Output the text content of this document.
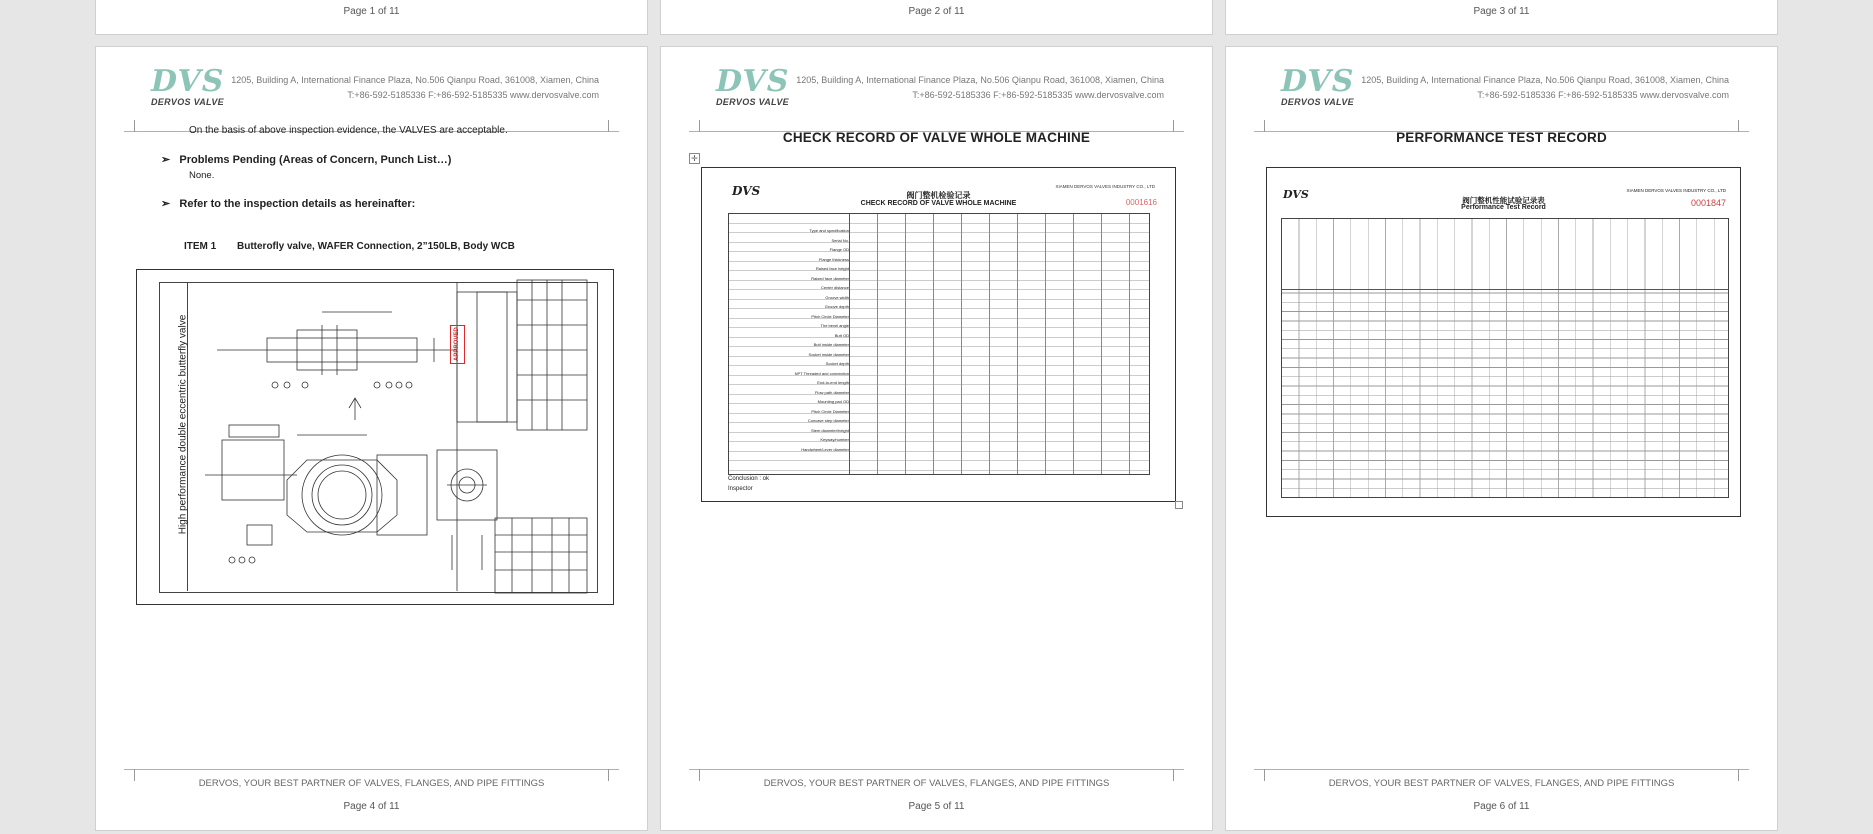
Page 1 of 11	Page 2 of 11	Page 3 of 11
DVS
DERVOS VALVE
1205, Building A, International Finance Plaza, No.506 Qianpu Road, 361008, Xiamen, China
T:+86-592-5185336 F:+86-592-5185335 www.dervosvalve.com
On the basis of above inspection evidence, the VALVES are acceptable.
➢   Problems Pending (Areas of Concern, Punch List…)
None.
➢   Refer to the inspection details as hereinafter:
ITEM 1 Butterofly valve, WAFER Connection, 2”150LB, Body WCB
High performance double eccentric butterfly valve	APPROVED
DERVOS, YOUR BEST PARTNER OF VALVES, FLANGES, AND PIPE FITTINGS
Page 4 of 11
DVS
DERVOS VALVE
1205, Building A, International Finance Plaza, No.506 Qianpu Road, 361008, Xiamen, China
T:+86-592-5185336 F:+86-592-5185335 www.dervosvalve.com
CHECK RECORD OF VALVE WHOLE MACHINE
✛
DVS	阀门整机检验记录
CHECK RECORD OF VALVE WHOLE MACHINE
XIAMEN DERVOS VALVES INDUSTRY CO., LTD
0001616
Type and specification
Serial No.
Flange OD
Flange thickness
Raised face height
Raised face diameter
Center distance
Groove width
Groove depth
Pitch Circle Diameter
The bevel angle
Butt OD
Butt inside diameter
Socket inside diameter
Socket depth
NPT Threaded and connection
End-to-end length
Flow path diameter
Mounting pad OD
Pitch Circle Diameter
Concave step diameter
Stem diameter/height
Keyway/number
Handwheel/Lever diameter
Conclusion : ok
Inspector
DERVOS, YOUR BEST PARTNER OF VALVES, FLANGES, AND PIPE FITTINGS
Page 5 of 11
DVS
DERVOS VALVE
1205, Building A, International Finance Plaza, No.506 Qianpu Road, 361008, Xiamen, China
T:+86-592-5185336 F:+86-592-5185335 www.dervosvalve.com
PERFORMANCE TEST RECORD
DVS	阀门整机性能试验记录表
Performance Test Record
XIAMEN DERVOS VALVES INDUSTRY CO., LTD
0001847
DERVOS, YOUR BEST PARTNER OF VALVES, FLANGES, AND PIPE FITTINGS
Page 6 of 11
